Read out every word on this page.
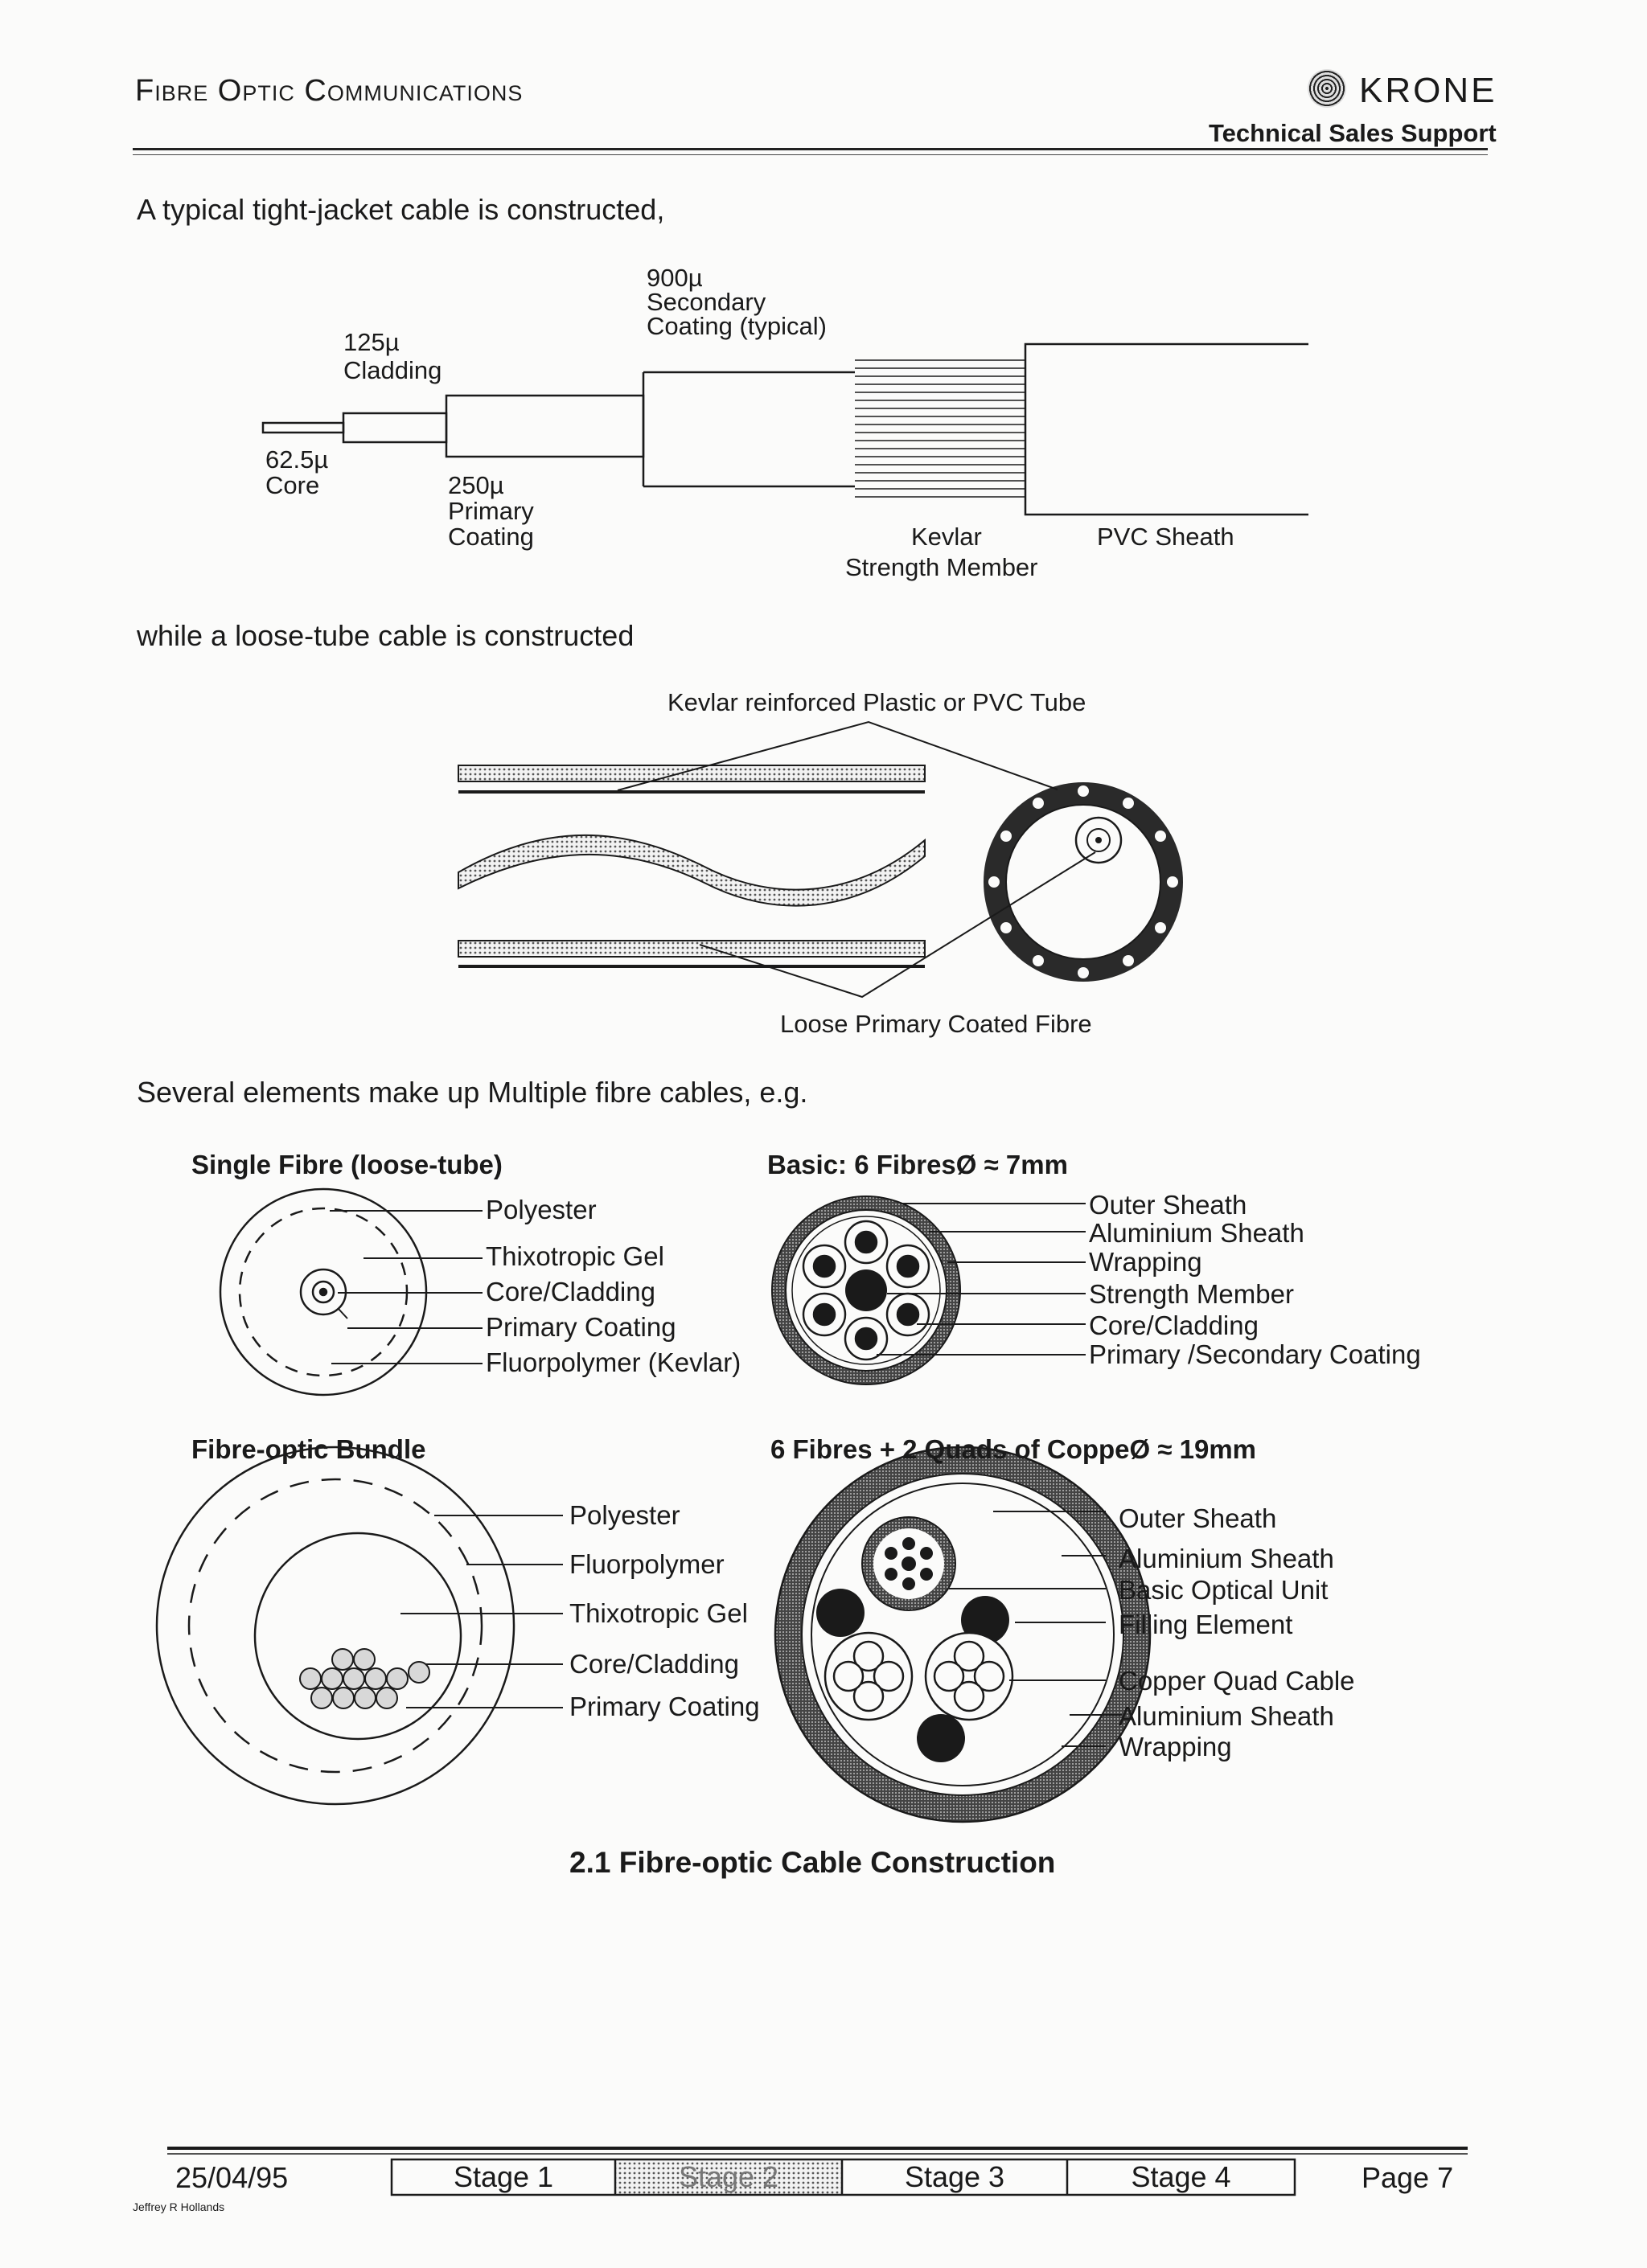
Fibre Optic Communications	KRONE
Technical Sales Support
A typical tight-jacket cable is constructed,
while a loose-tube cable is constructed
Several elements make up Multiple fibre cables, e.g.
125µ
Cladding
62.5µ
Core	250µ
Primary
Coating
900µ
Secondary
Coating (typical)
Kevlar
Strength Member
PVC Sheath
Kevlar reinforced Plastic or PVC Tube
Loose Primary Coated Fibre
Single Fibre (loose-tube)
Polyester
Thixotropic Gel
Core/Cladding
Primary Coating
Fluorpolymer (Kevlar)
Basic: 6 FibresØ ≈ 7mm
Outer Sheath
Aluminium Sheath
Wrapping
Strength Member
Core/Cladding
Primary /Secondary Coating
Fibre-optic Bundle
Polyester
Fluorpolymer
Thixotropic Gel
Core/Cladding
Primary Coating
6 Fibres + 2 Quads of CoppeØ ≈ 19mm
Outer Sheath
Aluminium Sheath
Basic Optical Unit
Filling Element
Copper Quad Cable
Aluminium Sheath
Wrapping
2.1 Fibre-optic Cable Construction
25/04/95
Jeffrey R Hollands
Stage 1	Stage 2	Stage 3	Stage 4	Page 7
